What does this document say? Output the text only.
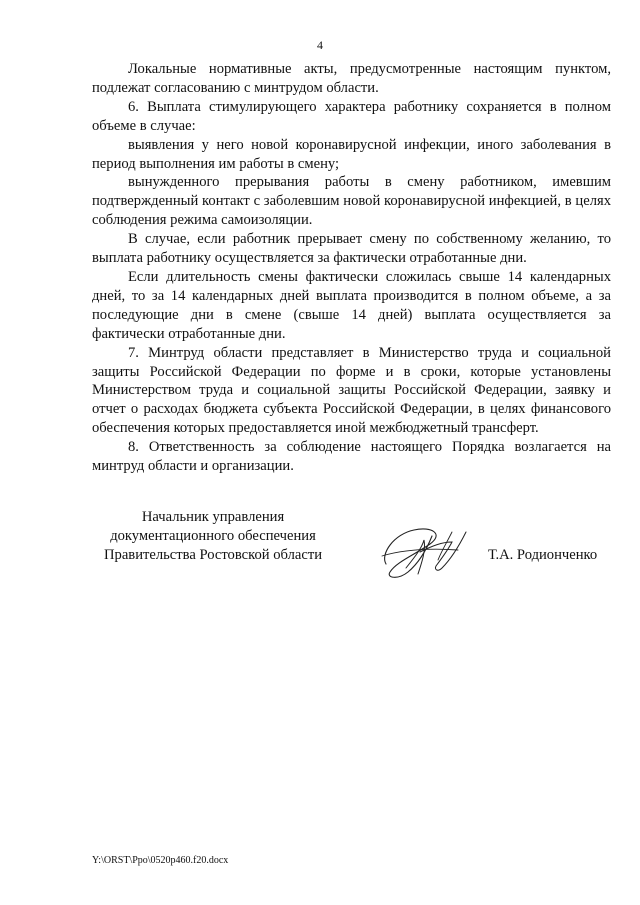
4

Локальные нормативные акты, предусмотренные настоящим пунктом, подлежат согласованию с минтрудом области.

6. Выплата стимулирующего характера работнику сохраняется в полном объеме в случае:

выявления у него новой коронавирусной инфекции, иного заболевания в период выполнения им работы в смену;

вынужденного прерывания работы в смену работником, имевшим подтвержденный контакт с заболевшим новой коронавирусной инфекцией, в целях соблюдения режима самоизоляции.

В случае, если работник прерывает смену по собственному желанию, то выплата работнику осуществляется за фактически отработанные дни.

Если длительность смены фактически сложилась свыше 14 календарных дней, то за 14 календарных дней выплата производится в полном объеме, а за последующие дни в смене (свыше 14 дней) выплата осуществляется за фактически отработанные дни.

7. Минтруд области представляет в Министерство труда и социальной защиты Российской Федерации по форме и в сроки, которые установлены Министерством труда и социальной защиты Российской Федерации, заявку и отчет о расходах бюджета субъекта Российской Федерации, в целях финансового обеспечения которых предоставляется иной межбюджетный трансферт.

8. Ответственность за соблюдение настоящего Порядка возлагается на минтруд области и организации.

Начальник управления
документационного обеспечения
Правительства Ростовской области	Т.А. Родионченко
Y:\ORST\Ppo\0520p460.f20.docx
